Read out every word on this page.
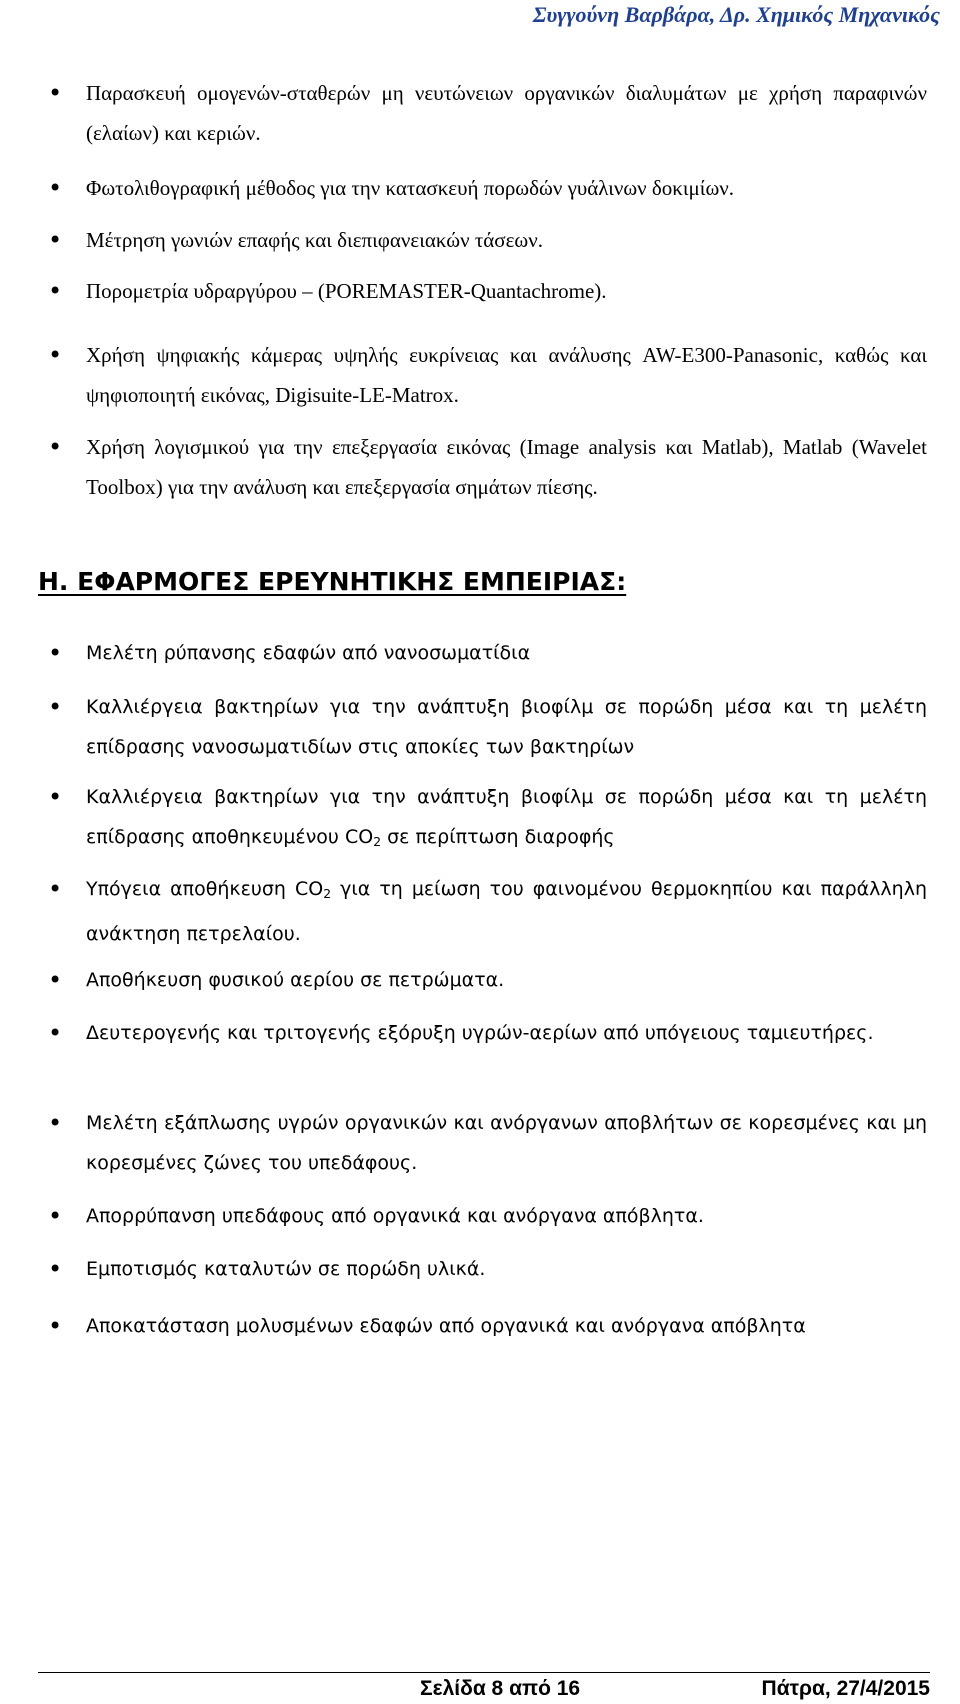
Συγγούνη Βαρβάρα, Δρ. Χημικός Μηχανικός
• Παρασκευή ομογενών-σταθερών μη νευτώνειων οργανικών διαλυμάτων με χρήση παραφινών (ελαίων) και κεριών.
• Φωτολιθογραφική μέθοδος για την κατασκευή πορωδών γυάλινων δοκιμίων.
• Μέτρηση γωνιών επαφής και διεπιφανειακών τάσεων.
• Πορομετρία υδραργύρου – (POREMASTER-Quantachrome).
• Χρήση ψηφιακής κάμερας υψηλής ευκρίνειας και ανάλυσης AW-E300-Panasonic, καθώς και ψηφιοποιητή εικόνας, Digisuite-LE-Matrox.
• Χρήση λογισμικού για την επεξεργασία εικόνας (Image analysis και Matlab), Matlab (Wavelet Toolbox) για την ανάλυση και επεξεργασία σημάτων πίεσης.
H. ΕΦΑΡΜΟΓΕΣ ΕΡΕΥΝΗΤΙΚΗΣ ΕΜΠΕΙΡΙΑΣ:
• Μελέτη ρύπανσης εδαφών από νανοσωματίδια
• Καλλιέργεια βακτηρίων για την ανάπτυξη βιοφίλμ σε πορώδη μέσα και τη μελέτη επίδρασης νανοσωματιδίων στις αποκίες των βακτηρίων
• Καλλιέργεια βακτηρίων για την ανάπτυξη βιοφίλμ σε πορώδη μέσα και τη μελέτη επίδρασης αποθηκευμένου $CO_2$ σε περίπτωση διαροφής
• Υπόγεια αποθήκευση $CO_2$ για τη μείωση του φαινομένου θερμοκηπίου και παράλληλη ανάκτηση πετρελαίου.
• Αποθήκευση φυσικού αερίου σε πετρώματα.
• Δευτερογενής και τριτογενής εξόρυξη υγρών-αερίων από υπόγειους ταμιευτήρες.
• Μελέτη εξάπλωσης υγρών οργανικών και ανόργανων αποβλήτων σε κορεσμένες και μη κορεσμένες ζώνες του υπεδάφους.
• Απορρύπανση υπεδάφους από οργανικά και ανόργανα απόβλητα.
• Εμποτισμός καταλυτών σε πορώδη υλικά.
• Αποκατάσταση μολυσμένων εδαφών από οργανικά και ανόργανα απόβλητα
Σελίδα 8 από 16	Πάτρα, 27/4/2015
